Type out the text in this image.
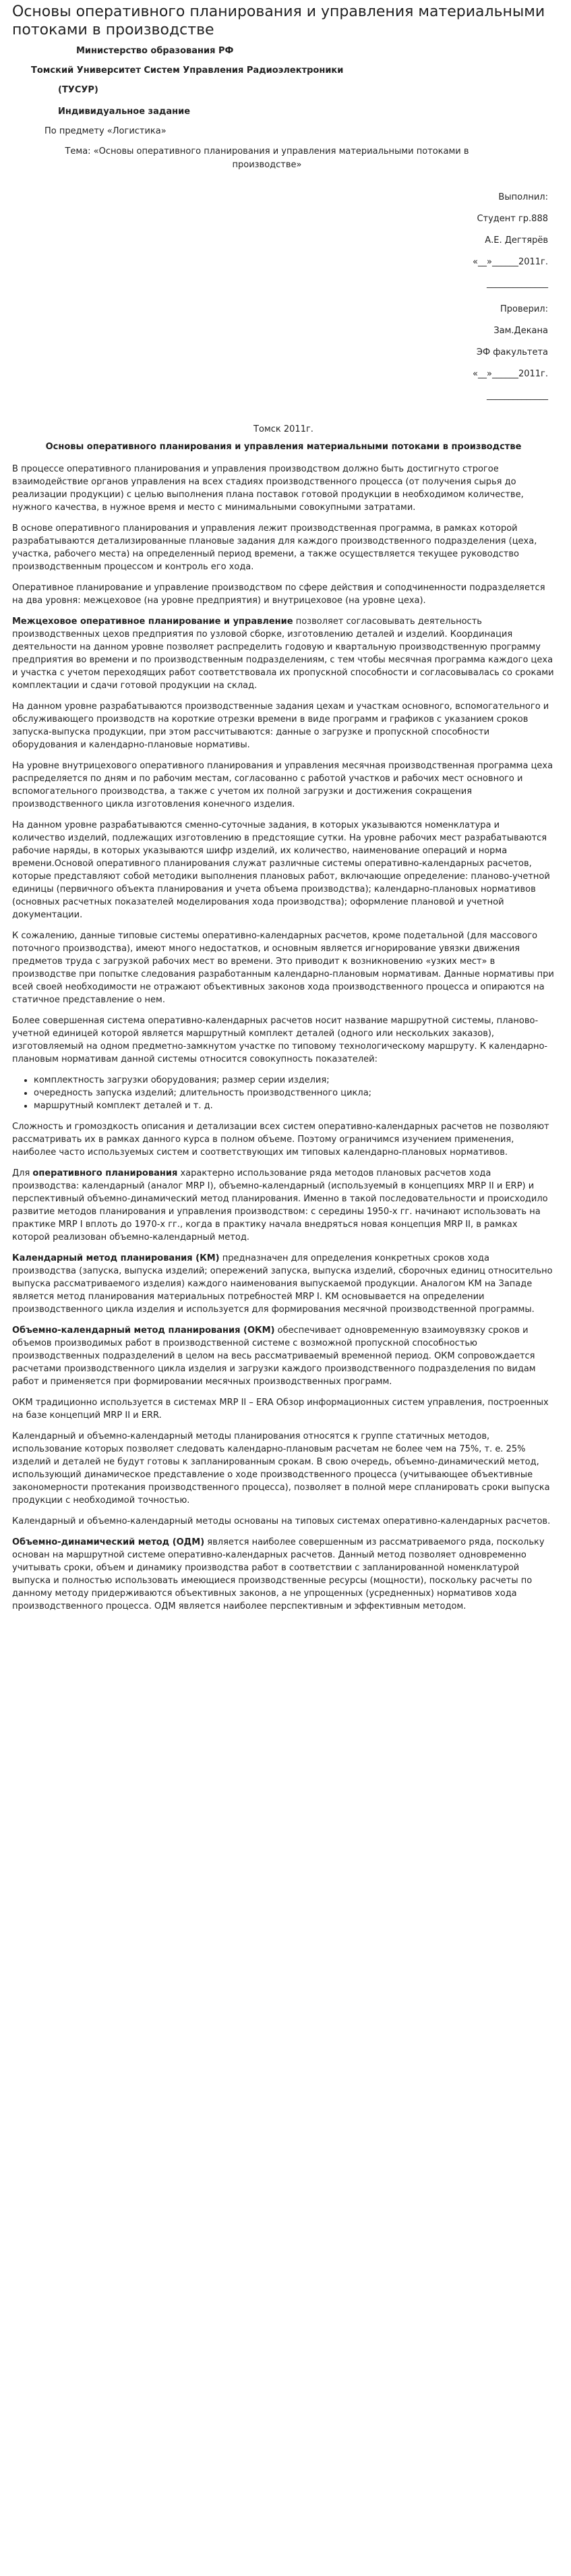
Основы оперативного планирования и управления материальными потоками в производстве
Министерство образования РФ
Томский Университет Систем Управления Радиоэлектроники
(ТУСУР)
Индивидуальное задание
По предмету «Логистика»
Тема: «Основы оперативного планирования и управления материальными потоками в производстве»
Выполнил:
Студент гр.888
А.Е. Дегтярёв
«__»______2011г.
______________
Проверил:
Зам.Декана
ЭФ факультета
«__»______2011г.
______________
Томск 2011г.
Основы оперативного планирования и управления материальными потоками в производстве

В процессе оперативного планирования и управления производством должно быть достигнуто строгое взаимодействие органов управления на всех стадиях производственного процесса (от получения сырья до реализации продукции) с целью выполнения плана поставок готовой продукции в необходимом количестве, нужного качества, в нужное время и место с минимальными совокупными затратами.

В основе оперативного планирования и управления лежит производственная программа, в рамках которой разрабатываются детализированные плановые задания для каждого производственного подразделения (цеха, участка, рабочего места) на определенный период времени, а также осуществляется текущее руководство производственным процессом и контроль его хода.

Оперативное планирование и управление производством по сфере действия и соподчиненности подразделяется на два уровня: межцеховое (на уровне предприятия) и внутрицеховое (на уровне цеха).

Межцеховое оперативное планирование и управление позволяет согласовывать деятельность производственных цехов предприятия по узловой сборке, изготовлению деталей и изделий. Координация деятельности на данном уровне позволяет распределить годовую и квартальную производственную программу предприятия во времени и по производственным подразделениям, с тем чтобы месячная программа каждого цеха и участка с учетом переходящих работ соответствовала их пропускной способности и согласовывалась со сроками комплектации и сдачи готовой продукции на склад.

На данном уровне разрабатываются производственные задания цехам и участкам основного, вспомогательного и обслуживающего производств на короткие отрезки времени в виде программ и графиков с указанием сроков запуска-выпуска продукции, при этом рассчитываются: данные о загрузке и пропускной способности оборудования и календарно-плановые нормативы.

На уровне внутрицехового оперативного планирования и управления месячная производственная программа цеха распределяется по дням и по рабочим местам, согласованно с работой участков и рабочих мест основного и вспомогательного производства, а также с учетом их полной загрузки и достижения сокращения производственного цикла изготовления конечного изделия.

На данном уровне разрабатываются сменно-суточные задания, в которых указываются номенклатура и количество изделий, подлежащих изготовлению в предстоящие сутки. На уровне рабочих мест разрабатываются рабочие наряды, в которых указываются шифр изделий, их количество, наименование операций и норма времени.Основой оперативного планирования служат различные системы оперативно-календарных расчетов, которые представляют собой методики выполнения плановых работ, включающие определение: планово-учетной единицы (первичного объекта планирования и учета объема производства); календарно-плановых нормативов (основных расчетных показателей моделирования хода производства); оформление плановой и учетной документации.

К сожалению, данные типовые системы оперативно-календарных расчетов, кроме подетальной (для массового поточного производства), имеют много недостатков, и основным является игнорирование увязки движения предметов труда с загрузкой рабочих мест во времени. Это приводит к возникновению «узких мест» в производстве при попытке следования разработанным календарно-плановым нормативам. Данные нормативы при всей своей необходимости не отражают объективных законов хода производственного процесса и опираются на статичное представление о нем.

Более совершенная система оперативно-календарных расчетов носит название маршрутной системы, планово-учетной единицей которой является маршрутный комплект деталей (одного или нескольких заказов), изготовляемый на одном предметно-замкнутом участке по типовому технологическому маршруту. К календарно-плановым нормативам данной системы относится совокупность показателей:

• комплектность загрузки оборудования; размер серии изделия;
• очередность запуска изделий; длительность производственного цикла;
• маршрутный комплект деталей и т. д.

Сложность и громоздкость описания и детализации всех систем оперативно-календарных расчетов не позволяют рассматривать их в рамках данного курса в полном объеме. Поэтому ограничимся изучением применения, наиболее часто используемых систем и соответствующих им типовых календарно-плановых нормативов.

Для оперативного планирования характерно использование ряда методов плановых расчетов хода производства: календарный (аналог MRP I), объемно-календарный (используемый в концепциях MRP II и ERP) и перспективный объемно-динамический метод планирования. Именно в такой последовательности и происходило развитие методов планирования и управления производством: с середины 1950-х гг. начинают использовать на практике MRP I вплоть до 1970-х гг., когда в практику начала внедряться новая концепция MRP II, в рамках которой реализован объемно-календарный метод.

Календарный метод планирования (КМ) предназначен для определения конкретных сроков хода производства (запуска, выпуска изделий; опережений запуска, выпуска изделий, сборочных единиц относительно выпуска рассматриваемого изделия) каждого наименования выпускаемой продукции. Аналогом КМ на Западе является метод планирования материальных потребностей MRP I. КМ основывается на определении производственного цикла изделия и используется для формирования месячной производственной программы.

Объемно-календарный метод планирования (ОКМ) обеспечивает одновременную взаимоувязку сроков и объемов производимых работ в производственной системе с возможной пропускной способностью производственных подразделений в целом на весь рассматриваемый временной период. ОКМ сопровождается расчетами производственного цикла изделия и загрузки каждого производственного подразделения по видам работ и применяется при формировании месячных производственных программ.

ОКМ традиционно используется в системах MRP II – ERA Обзор информационных систем управления, построенных на базе концепций MRP II и ERR.

Календарный и объемно-календарный методы планирования относятся к группе статичных методов, использование которых позволяет следовать календарно-плановым расчетам не более чем на 75%, т. е. 25% изделий и деталей не будут готовы к запланированным срокам. В свою очередь, объемно-динамический метод, использующий динамическое представление о ходе производственного процесса (учитывающее объективные закономерности протекания производственного процесса), позволяет в полной мере спланировать сроки выпуска продукции с необходимой точностью.

Календарный и объемно-календарный методы основаны на типовых системах оперативно-календарных расчетов.

Объемно-динамический метод (ОДМ) является наиболее совершенным из рассматриваемого ряда, поскольку основан на маршрутной системе оперативно-календарных расчетов. Данный метод позволяет одновременно учитывать сроки, объем и динамику производства работ в соответствии с запланированной номенклатурой выпуска и полностью использовать имеющиеся производственные ресурсы (мощности), поскольку расчеты по данному методу придерживаются объективных законов, а не упрощенных (усредненных) нормативов хода производственного процесса. ОДМ является наиболее перспективным и эффективным методом.
